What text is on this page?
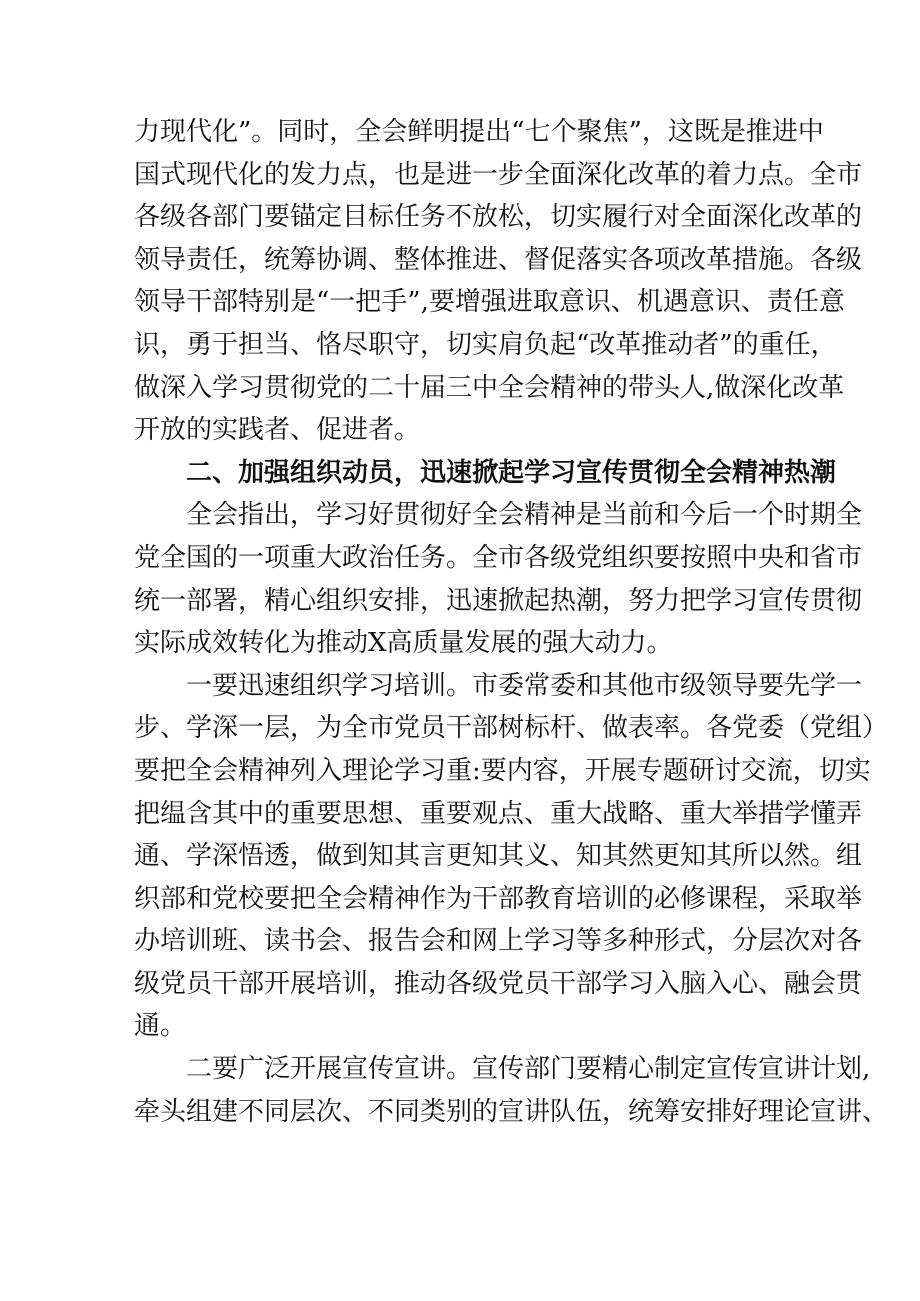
力现代化”。同时，全会鲜明提出“七个聚焦”，这既是推进中
国式现代化的发力点，也是进一步全面深化改革的着力点。全市
各级各部门要锚定目标任务不放松，切实履行对全面深化改革的
领导责任，统筹协调、整体推进、督促落实各项改革措施。各级
领导干部特别是“一把手”,要增强进取意识、机遇意识、责任意
识，勇于担当、恪尽职守，切实肩负起“改革推动者”的重任，
做深入学习贯彻党的二十届三中全会精神的带头人,做深化改革
开放的实践者、促进者。
二、加强组织动员，迅速掀起学习宣传贯彻全会精神热潮
全会指出，学习好贯彻好全会精神是当前和今后一个时期全
党全国的一项重大政治任务。全市各级党组织要按照中央和省市
统一部署，精心组织安排，迅速掀起热潮，努力把学习宣传贯彻
实际成效转化为推动X高质量发展的强大动力。
一要迅速组织学习培训。市委常委和其他市级领导要先学一
步、学深一层，为全市党员干部树标杆、做表率。各党委（党组）
要把全会精神列入理论学习重:要内容，开展专题研讨交流，切实
把缊含其中的重要思想、重要观点、重大战略、重大举措学懂弄
通、学深悟透，做到知其言更知其义、知其然更知其所以然。组
织部和党校要把全会精神作为干部教育培训的必修课程，采取举
办培训班、读书会、报告会和网上学习等多种形式，分层次对各
级党员干部开展培训，推动各级党员干部学习入脑入心、融会贯
通。
二要广泛开展宣传宣讲。宣传部门要精心制定宣传宣讲计划,
牵头组建不同层次、不同类别的宣讲队伍，统筹安排好理论宣讲、
